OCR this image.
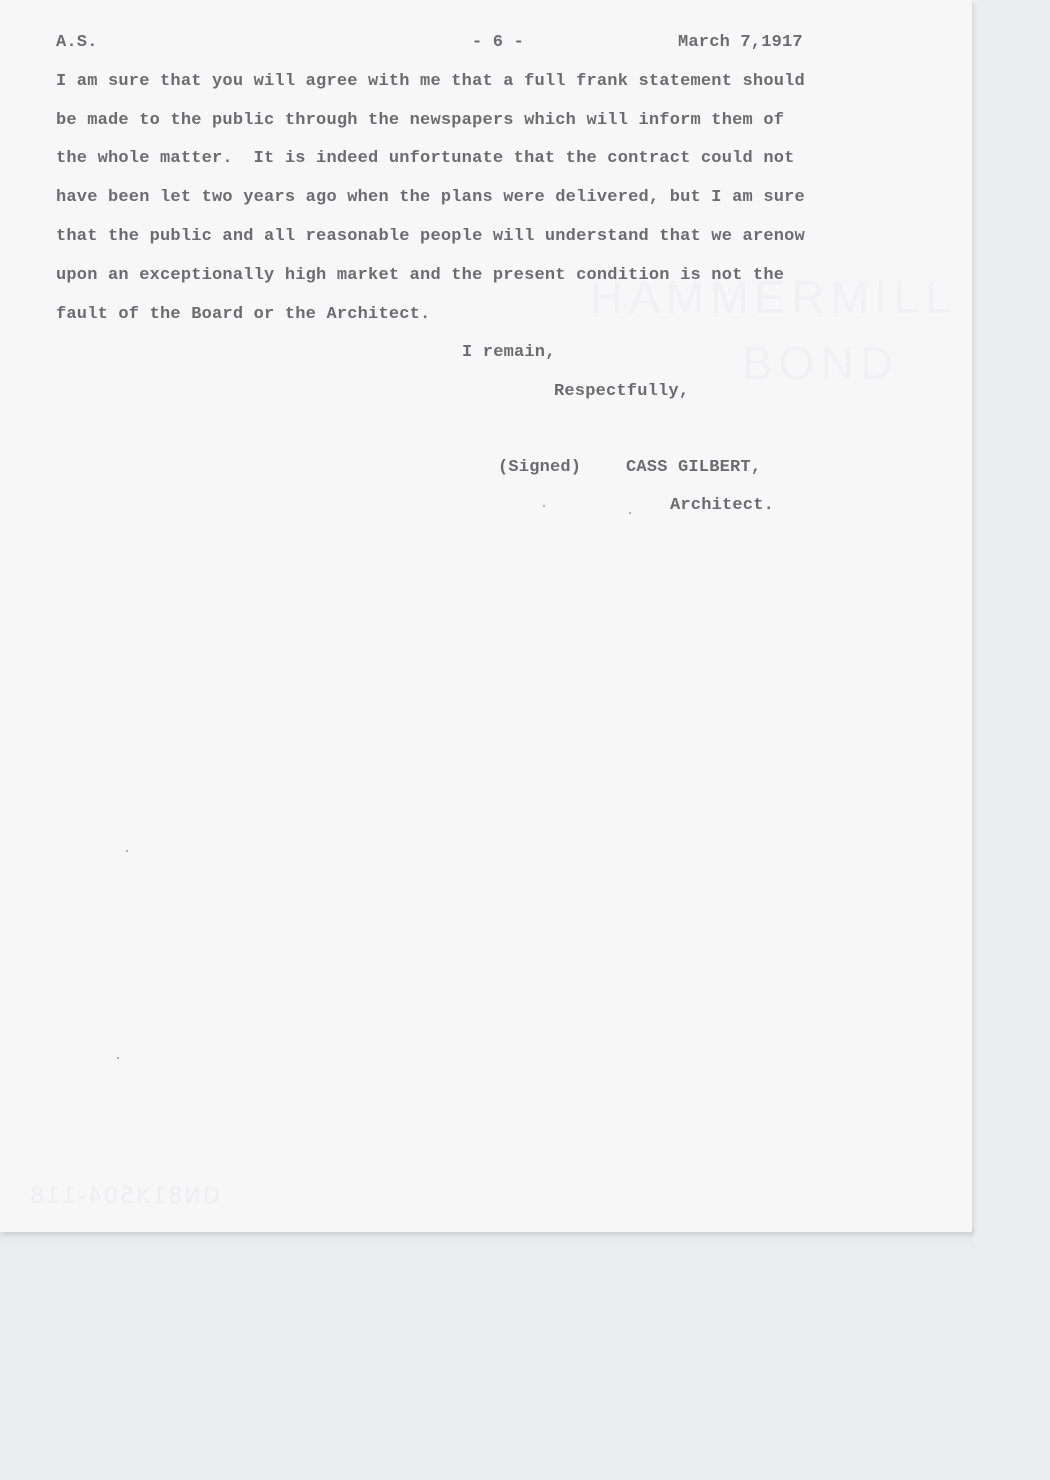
HAMMERMILL
BOND
A.S.	- 6 -	March 7,1917
I am sure that you will agree with me that a full frank statement should
be made to the public through the newspapers which will inform them of
the whole matter.  It is indeed unfortunate that the contract could not
have been let two years ago when the plans were delivered, but I am sure
that the public and all reasonable people will understand that we arenow
upon an exceptionally high market and the present condition is not the
fault of the Board or the Architect.
I remain,
Respectfully,
(Signed)	CASS GILBERT,
Architect.
ᗡN81ꓘ504-118
